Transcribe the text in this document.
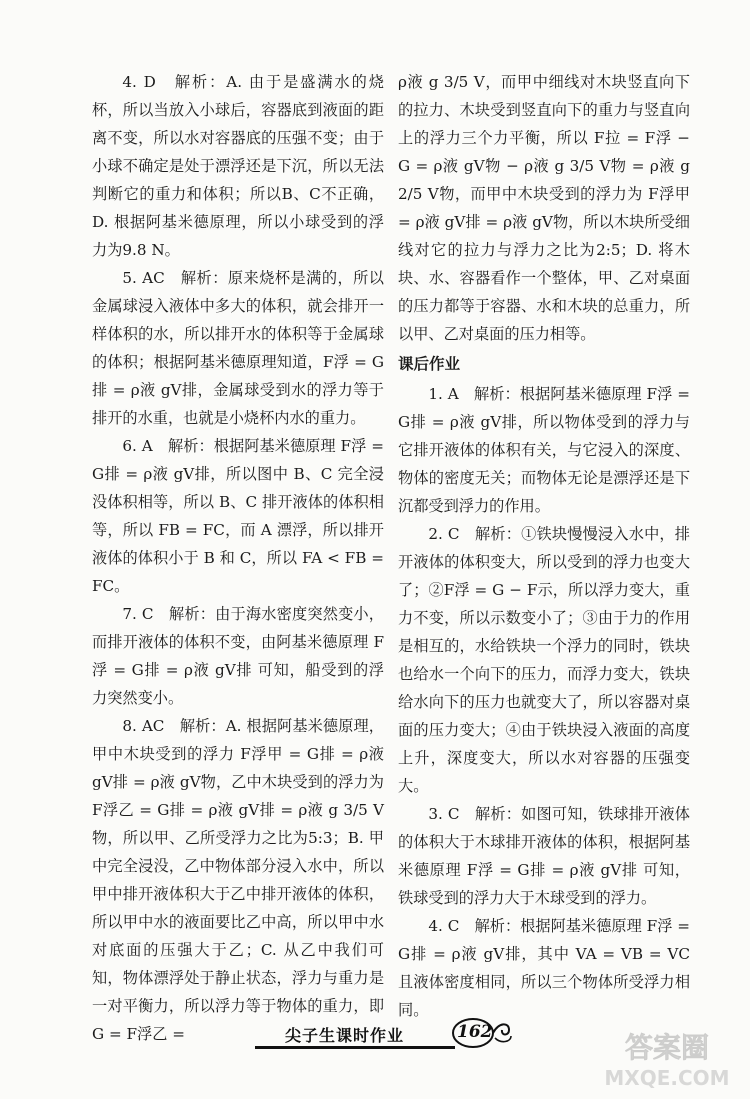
4. D　解析：A. 由于是盛满水的烧杯，所以当放入小球后，容器底到液面的距离不变，所以水对容器底的压强不变；由于小球不确定是处于漂浮还是下沉，所以无法判断它的重力和体积；所以B、C不正确，D. 根据阿基米德原理，所以小球受到的浮力为9.8 N。

5. AC　解析：原来烧杯是满的，所以金属球浸入液体中多大的体积，就会排开一样体积的水，所以排开水的体积等于金属球的体积；根据阿基米德原理知道，F浮 = G排 = ρ液 gV排，金属球受到水的浮力等于排开的水重，也就是小烧杯内水的重力。

6. A　解析：根据阿基米德原理 F浮 = G排 = ρ液 gV排，所以图中 B、C 完全浸没体积相等，所以 B、C 排开液体的体积相等，所以 FB = FC，而 A 漂浮，所以排开液体的体积小于 B 和 C，所以 FA < FB = FC。

7. C　解析：由于海水密度突然变小，而排开液体的体积不变，由阿基米德原理 F浮 = G排 = ρ液 gV排 可知，船受到的浮力突然变小。

8. AC　解析：A. 根据阿基米德原理，甲中木块受到的浮力 F浮甲 = G排 = ρ液 gV排 = ρ液 gV物，乙中木块受到的浮力为 F浮乙 = G排 = ρ液 gV排 = ρ液 g 3/5 V物，所以甲、乙所受浮力之比为5:3；B. 甲中完全浸没，乙中物体部分浸入水中，所以甲中排开液体积大于乙中排开液体的体积，所以甲中水的液面要比乙中高，所以甲中水对底面的压强大于乙；C. 从乙中我们可知，物体漂浮处于静止状态，浮力与重力是一对平衡力，所以浮力等于物体的重力，即 G = F浮乙 =

ρ液 g 3/5 V，而甲中细线对木块竖直向下的拉力、木块受到竖直向下的重力与竖直向上的浮力三个力平衡，所以 F拉 = F浮 − G = ρ液 gV物 − ρ液 g 3/5 V物 = ρ液 g 2/5 V物，而甲中木块受到的浮力为 F浮甲 = ρ液 gV排 = ρ液 gV物，所以木块所受细线对它的拉力与浮力之比为2:5；D. 将木块、水、容器看作一个整体，甲、乙对桌面的压力都等于容器、水和木块的总重力，所以甲、乙对桌面的压力相等。

课后作业

1. A　解析：根据阿基米德原理 F浮 = G排 = ρ液 gV排，所以物体受到的浮力与它排开液体的体积有关，与它浸入的深度、物体的密度无关；而物体无论是漂浮还是下沉都受到浮力的作用。

2. C　解析：①铁块慢慢浸入水中，排开液体的体积变大，所以受到的浮力也变大了；②F浮 = G − F示，所以浮力变大，重力不变，所以示数变小了；③由于力的作用是相互的，水给铁块一个浮力的同时，铁块也给水一个向下的压力，而浮力变大，铁块给水向下的压力也就变大了，所以容器对桌面的压力变大；④由于铁块浸入液面的高度上升，深度变大，所以水对容器的压强变大。

3. C　解析：如图可知，铁球排开液体的体积大于木球排开液体的体积，根据阿基米德原理 F浮 = G排 = ρ液 gV排 可知，铁球受到的浮力大于木球受到的浮力。

4. C　解析：根据阿基米德原理 F浮 = G排 = ρ液 gV排，其中 VA = VB = VC 且液体密度相同，所以三个物体所受浮力相同。

尖子生课时作业	162	答案圈
MXQE.COM
